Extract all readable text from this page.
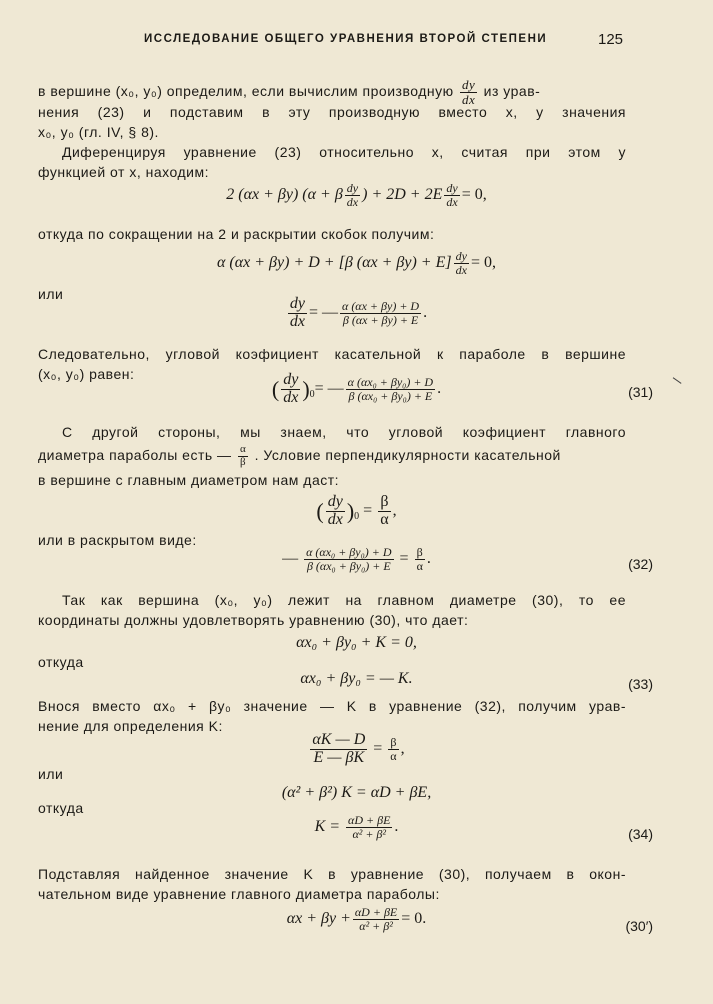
ИССЛЕДОВАНИЕ ОБЩЕГО УРАВНЕНИЯ ВТОРОЙ СТЕПЕНИ	125
в вершине (x₀, y₀) определим, если вычислим производную $\frac{dy}{dx}$ из урав-
нения (23) и подставим в эту производную вместо x, y значения
x₀, y₀ (гл. IV, § 8).
Диференцируя уравнение (23) относительно x, считая при этом y
функцией от x, находим:
2 (αx + βy) (α + β $\frac{dy}{dx}$ ) + $2D + 2E \frac{dy}{dx} = 0$,
откуда по сокращении на 2 и раскрытии скобок получим:
α (αx + βy) + D + [β $(\alpha x + \beta y) + E] \frac{dy}{dx} = 0$,
или
$\frac{dy}{dx}$ = — $\frac{\alpha (\alpha x + \beta y) + D}{\beta (\alpha x + \beta y) + E}$ .
Следовательно, угловой коэфициент касательной к параболе в вершине
(x₀, y₀) равен:
( $\frac{dy}{dx} )_0=$ — $\frac{\text{α (αx₀ + βy₀) + D}}{\text{β (αx₀ + βy₀) + E}}$ .	(31)
С другой стороны, мы знаем, что угловой коэфициент главного
диаметра параболы есть — $\frac{\alpha}{\beta}$ . Условие перпендикулярности касательной
в вершине с главным диаметром нам даст:
( $\frac{dy}{dx} )_0 = \frac{\beta}{\alpha}$ ,
или в раскрытом виде:
— $\frac{\text{α (αx₀ + βy₀) + D}}{\text{β (αx₀ + βy₀) + E}} = \frac{\beta}{\alpha}$ .	(32)
Так как вершина (x₀, y₀) лежит на главном диаметре (30), то ее
координаты должны удовлетворять уравнению (30), что дает:
αx₀ + βy₀ + K = 0,
откуда
αx₀ + βy₀ = — K.	(33)
Внося вместо αx₀ + βy₀ значение — K в уравнение (32), получим урав-
нение для определения K:
$\frac{\alpha K — D}{E — \beta K} = \frac{\beta}{\alpha}$ ,
или
(α² + β²) K = αD + βE,
откуда
$K = \frac{\alpha D + \beta E}{\text{α² + β²}}$ .	(34)
Подставляя найденное значение K в уравнение (30), получаем в окон-
чательном виде уравнение главного диаметра параболы:
$\alpha x + \beta y + \frac{\alpha D + \beta E}{\text{α² + β²}} = 0$.	(30′)
